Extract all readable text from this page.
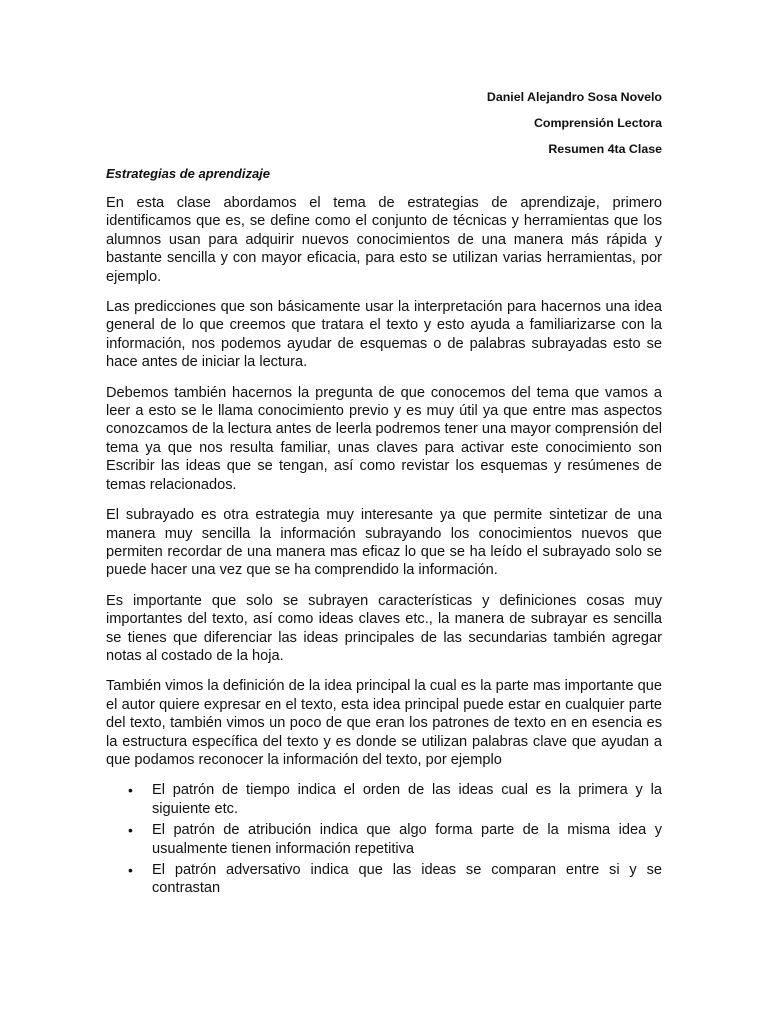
Daniel Alejandro Sosa Novelo

Comprensión Lectora

Resumen 4ta Clase

Estrategias de aprendizaje

En esta clase abordamos el tema de estrategias de aprendizaje, primero identificamos que es, se define como el conjunto de técnicas y herramientas que los alumnos usan para adquirir nuevos conocimientos de una manera más rápida y bastante sencilla y con mayor eficacia, para esto se utilizan varias herramientas, por ejemplo.

Las predicciones que son básicamente usar la interpretación para hacernos una idea general de lo que creemos que tratara el texto y esto ayuda a familiarizarse con la información, nos podemos ayudar de esquemas o de palabras subrayadas esto se hace antes de iniciar la lectura.

Debemos también hacernos la pregunta de que conocemos del tema que vamos a leer a esto se le llama conocimiento previo y es muy útil ya que entre mas aspectos conozcamos de la lectura antes de leerla podremos tener una mayor comprensión del tema ya que nos resulta familiar, unas claves para activar este conocimiento son Escribir las ideas que se tengan, así como revistar los esquemas y resúmenes de temas relacionados.

El subrayado es otra estrategia muy interesante ya que permite sintetizar de una manera muy sencilla la información subrayando los conocimientos nuevos que permiten recordar de una manera mas eficaz lo que se ha leído el subrayado solo se puede hacer una vez que se ha comprendido la información.

Es importante que solo se subrayen características y definiciones cosas muy importantes del texto, así como ideas claves etc., la manera de subrayar es sencilla se tienes que diferenciar las ideas principales de las secundarias también agregar notas al costado de la hoja.

También vimos la definición de la idea principal la cual es la parte mas importante que el autor quiere expresar en el texto, esta idea principal puede estar en cualquier parte del texto, también vimos un poco de que eran los patrones de texto en en esencia es la estructura específica del texto y es donde se utilizan palabras clave que ayudan a que podamos reconocer la información del texto, por ejemplo

• El patrón de tiempo indica el orden de las ideas cual es la primera y la siguiente etc.
• El patrón de atribución indica que algo forma parte de la misma idea y usualmente tienen información repetitiva
• El patrón adversativo indica que las ideas se comparan entre si y se contrastan
